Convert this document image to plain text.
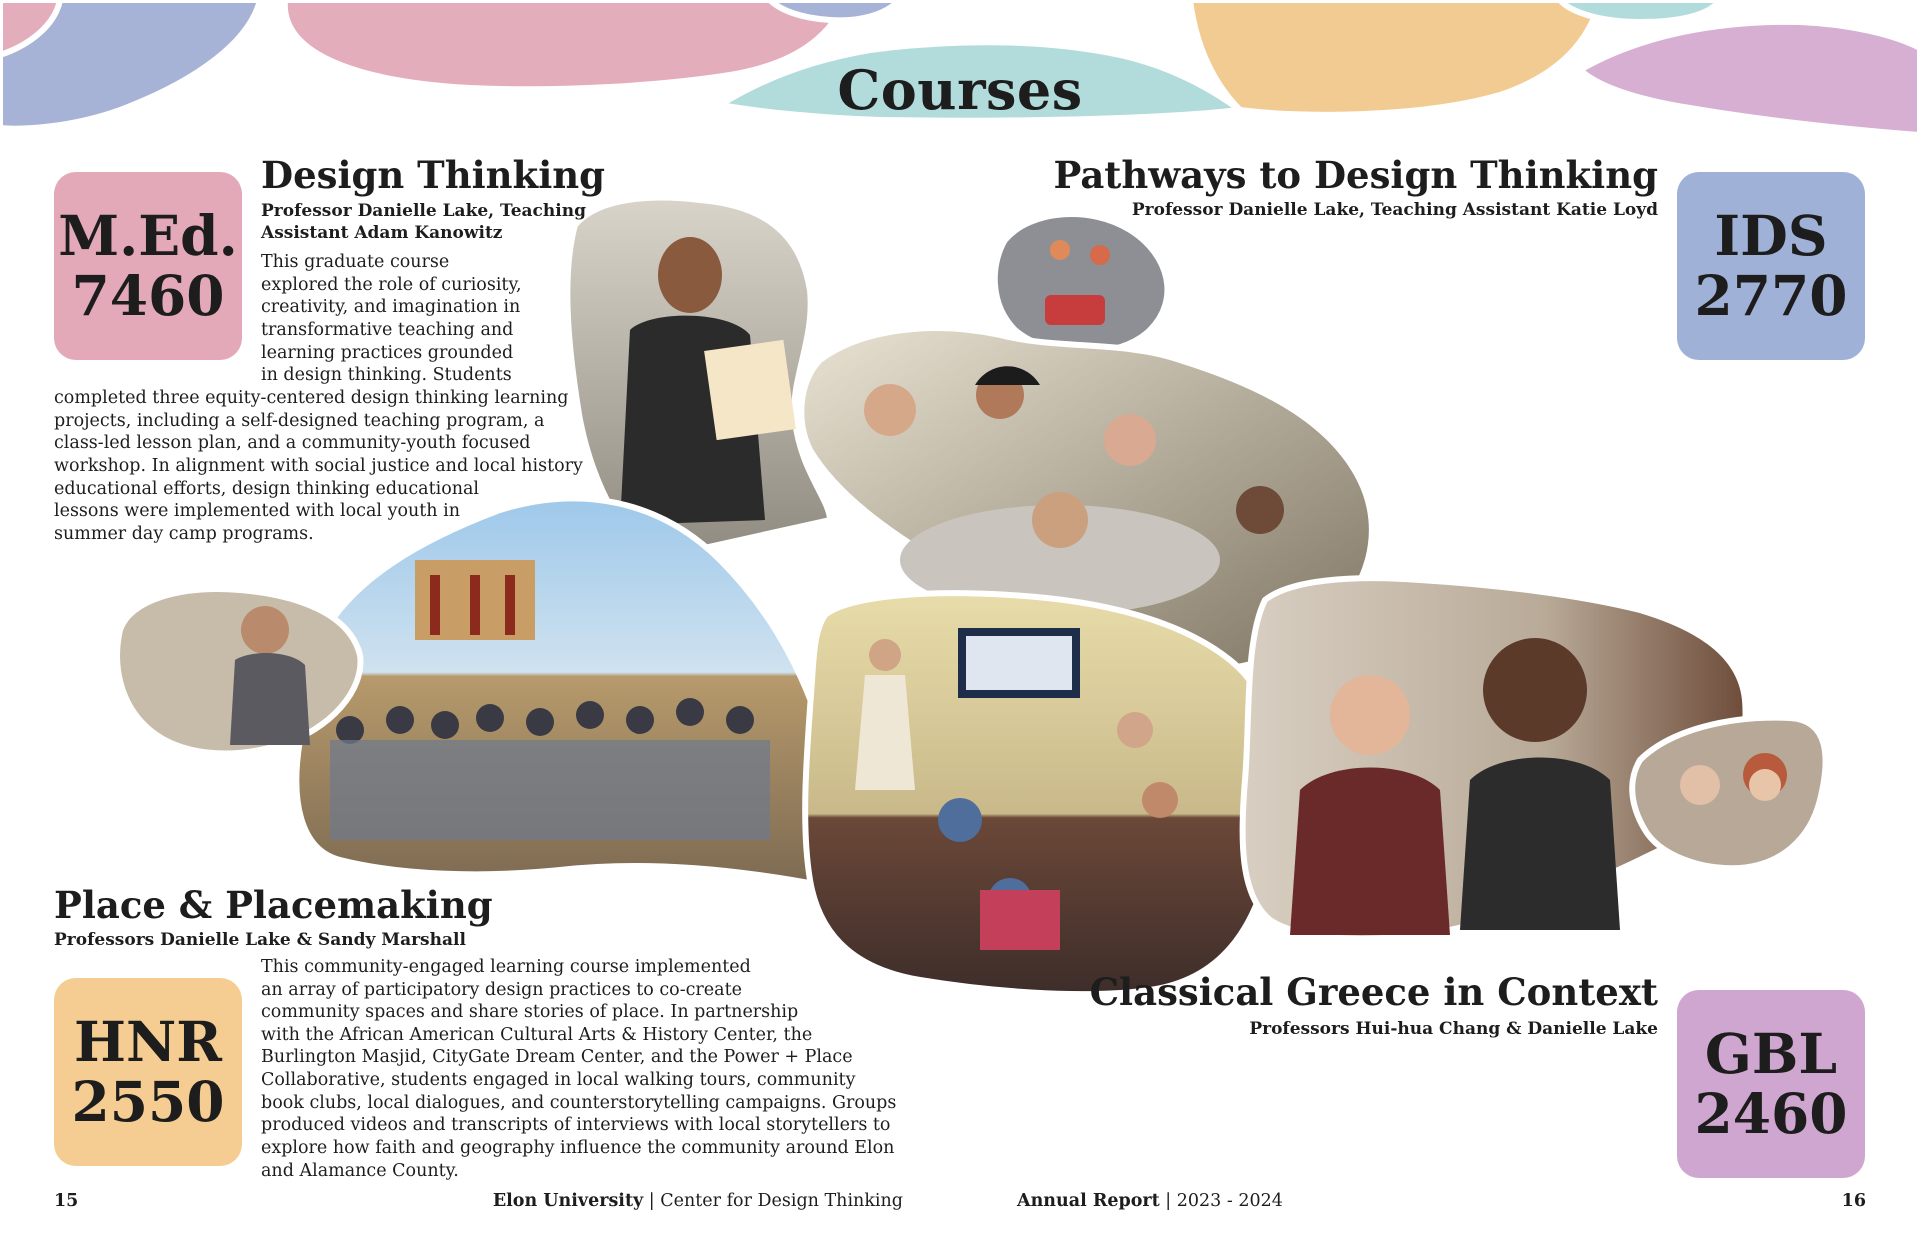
Courses
M.Ed.
7460
Design Thinking
Professor Danielle Lake, Teaching
Assistant Adam Kanowitz
This graduate course
explored the role of curiosity,
creativity, and imagination in
transformative teaching and
learning practices grounded
in design thinking. Students
completed three equity-centered design thinking learning
projects, including a self-designed teaching program, a
class-led lesson plan, and a community-youth focused
workshop. In alignment with social justice and local history
educational efforts, design thinking educational
lessons were implemented with local youth in
summer day camp programs.
IDS
2770
Pathways to Design Thinking
Professor Danielle Lake, Teaching Assistant Katie Loyd
Place & Placemaking
Professors Danielle Lake & Sandy Marshall
HNR
2550
This community-engaged learning course implemented
an array of participatory design practices to co-create
community spaces and share stories of place. In partnership
with the African American Cultural Arts & History Center, the
Burlington Masjid, CityGate Dream Center, and the Power + Place
Collaborative, students engaged in local walking tours, community
book clubs, local dialogues, and counterstorytelling campaigns. Groups
produced videos and transcripts of interviews with local storytellers to
explore how faith and geography influence the community around Elon
and Alamance County.
Classical Greece in Context
Professors Hui-hua Chang & Danielle Lake GBL
2460
15	Elon University | Center for Design Thinking	Annual Report | 2023 - 2024	16
